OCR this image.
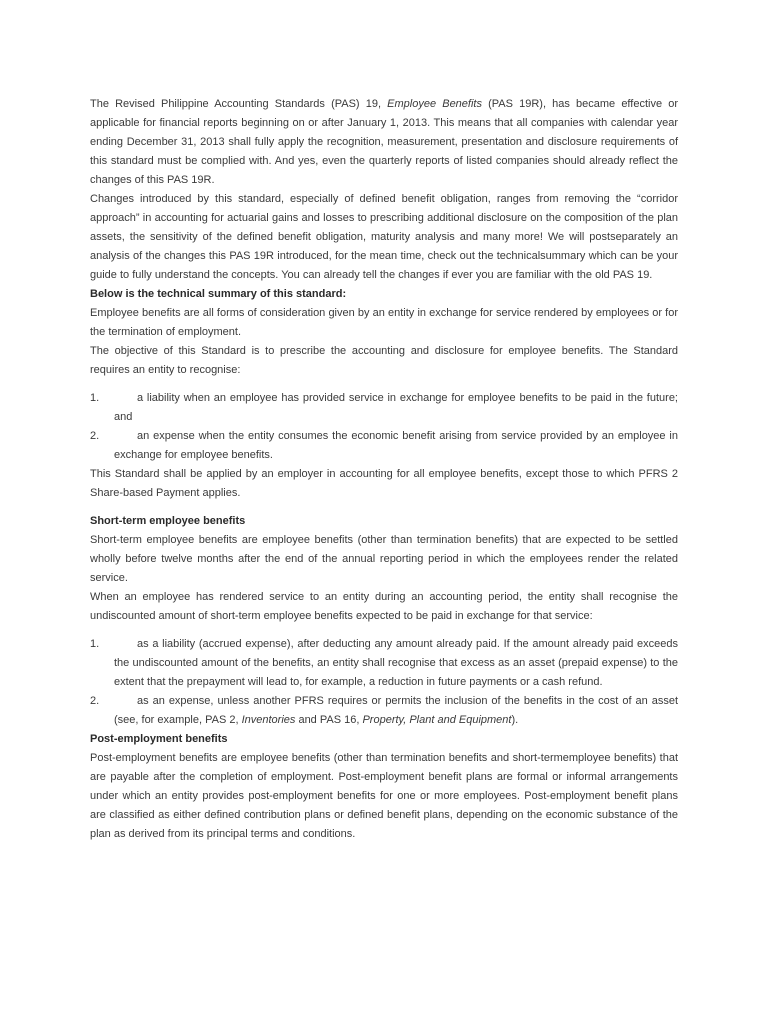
The Revised Philippine Accounting Standards (PAS) 19, Employee Benefits (PAS 19R), has became effective or applicable for financial reports beginning on or after January 1, 2013. This means that all companies with calendar year ending December 31, 2013 shall fully apply the recognition, measurement, presentation and disclosure requirements of this standard must be complied with. And yes, even the quarterly reports of listed companies should already reflect the changes of this PAS 19R.

Changes introduced by this standard, especially of defined benefit obligation, ranges from removing the “corridor approach” in accounting for actuarial gains and losses to prescribing additional disclosure on the composition of the plan assets, the sensitivity of the defined benefit obligation, maturity analysis and many more! We will postseparately an analysis of the changes this PAS 19R introduced, for the mean time, check out the technicalsummary which can be your guide to fully understand the concepts. You can already tell the changes if ever you are familiar with the old PAS 19.

Below is the technical summary of this standard:

Employee benefits are all forms of consideration given by an entity in exchange for service rendered by employees or for the termination of employment.

The objective of this Standard is to prescribe the accounting and disclosure for employee benefits. The Standard requires an entity to recognise:

1.	a liability when an employee has provided service in exchange for employee benefits to be paid in the future; and
2.	an expense when the entity consumes the economic benefit arising from service provided by an employee in exchange for employee benefits.

This Standard shall be applied by an employer in accounting for all employee benefits, except those to which PFRS 2 Share-based Payment applies.

Short-term employee benefits

Short-term employee benefits are employee benefits (other than termination benefits) that are expected to be settled wholly before twelve months after the end of the annual reporting period in which the employees render the related service.

When an employee has rendered service to an entity during an accounting period, the entity shall recognise the undiscounted amount of short-term employee benefits expected to be paid in exchange for that service:

1.	as a liability (accrued expense), after deducting any amount already paid. If the amount already paid exceeds the undiscounted amount of the benefits, an entity shall recognise that excess as an asset (prepaid expense) to the extent that the prepayment will lead to, for example, a reduction in future payments or a cash refund.
2.	as an expense, unless another PFRS requires or permits the inclusion of the benefits in the cost of an asset (see, for example, PAS 2, Inventories and PAS 16, Property, Plant and Equipment).

Post-employment benefits

Post-employment benefits are employee benefits (other than termination benefits and short-termemployee benefits) that are payable after the completion of employment. Post-employment benefit plans are formal or informal arrangements under which an entity provides post-employment benefits for one or more employees. Post-employment benefit plans are classified as either defined contribution plans or defined benefit plans, depending on the economic substance of the plan as derived from its principal terms and conditions.
